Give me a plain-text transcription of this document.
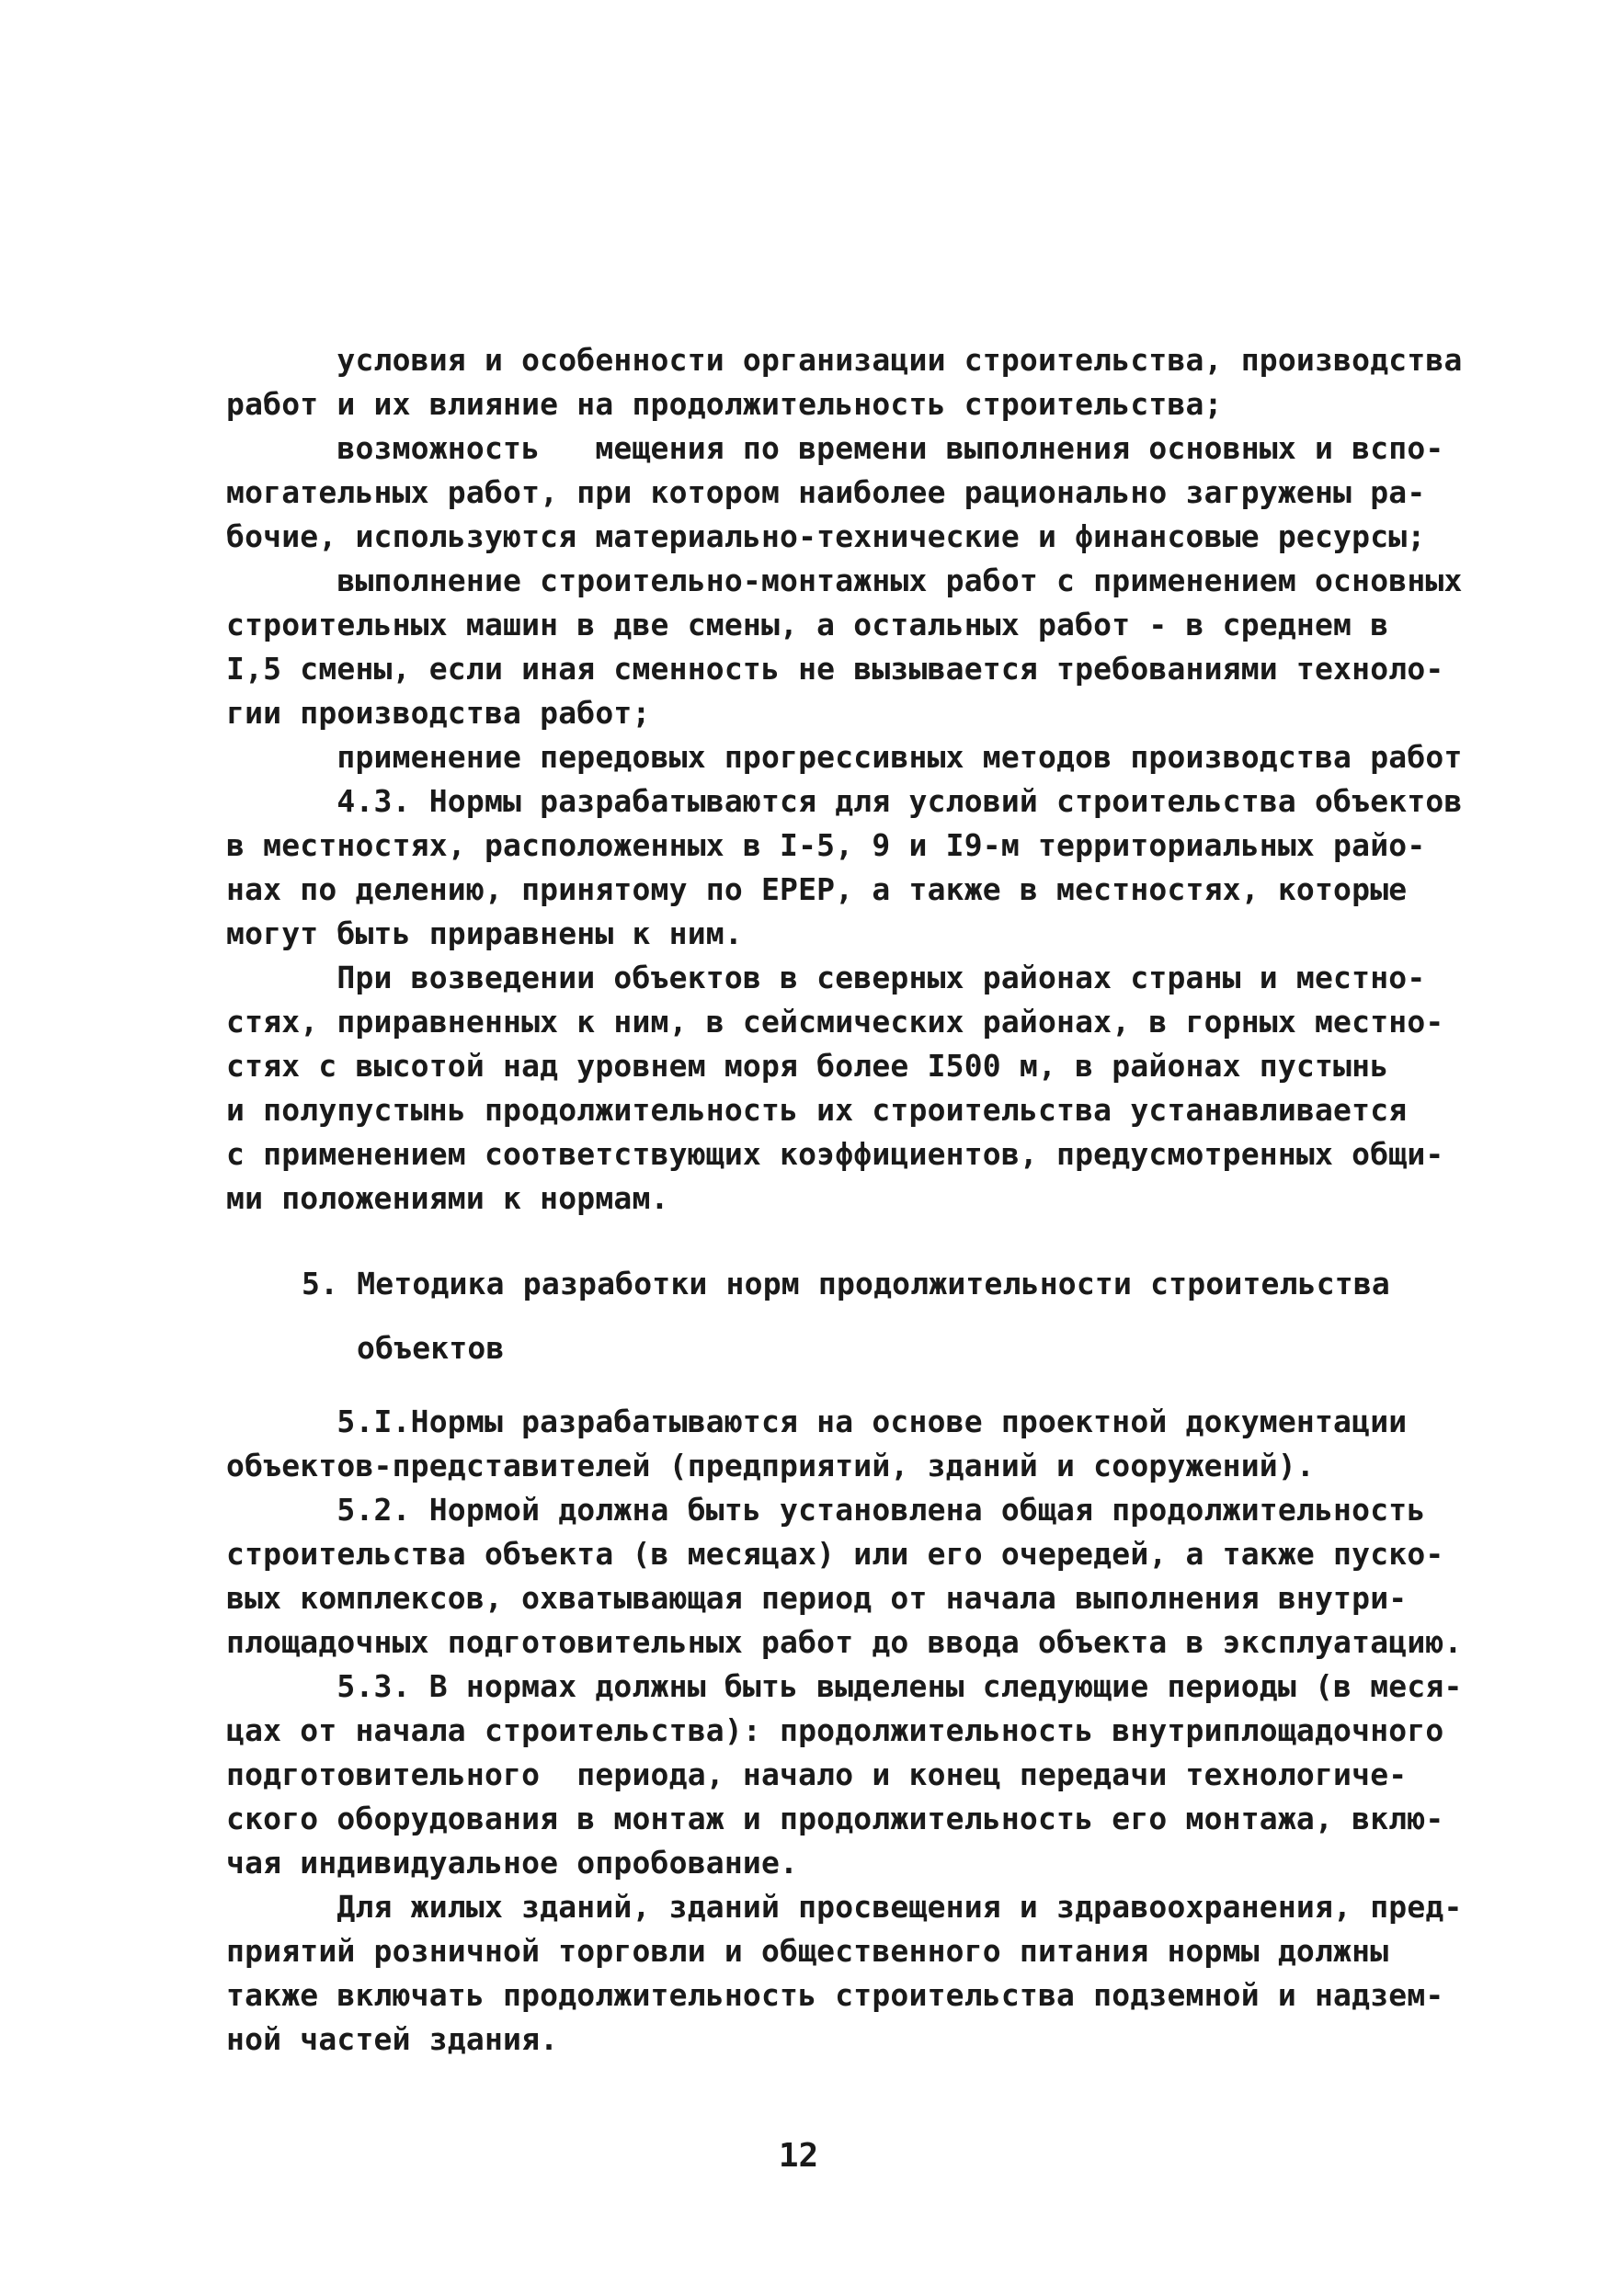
условия и особенности организации строительства, производства
работ и их влияние на продолжительность строительства;
возможность   мещения по времени выполнения основных и вспо-
могательных работ, при котором наиболее рационально загружены ра-
бочие, используются материально-технические и финансовые ресурсы;
выполнение строительно-монтажных работ с применением основных
строительных машин в две смены, а остальных работ - в среднем в
I,5 смены, если иная сменность не вызывается требованиями техноло-
гии производства работ;
применение передовых прогрессивных методов производства работ
4.3. Нормы разрабатываются для условий строительства объектов
в местностях, расположенных в I-5, 9 и I9-м территориальных райо-
нах по делению, принятому по ЕРЕР, а также в местностях, которые
могут быть приравнены к ним.
При возведении объектов в северных районах страны и местно-
стях, приравненных к ним, в сейсмических районах, в горных местно-
стях с высотой над уровнем моря более I500 м, в районах пустынь
и полупустынь продолжительность их строительства устанавливается
с применением соответствующих коэффициентов, предусмотренных общи-
ми положениями к нормам.
5. Методика разработки норм продолжительности строительства
объектов
5.I.Нормы разрабатываются на основе проектной документации
объектов-представителей (предприятий, зданий и сооружений).
5.2. Нормой должна быть установлена общая продолжительность
строительства объекта (в месяцах) или его очередей, а также пуско-
вых комплексов, охватывающая период от начала выполнения внутри-
площадочных подготовительных работ до ввода объекта в эксплуатацию.
5.3. В нормах должны быть выделены следующие периоды (в меся-
цах от начала строительства): продолжительность внутриплощадочного
подготовительного  периода, начало и конец передачи технологиче-
ского оборудования в монтаж и продолжительность его монтажа, вклю-
чая индивидуальное опробование.
Для жилых зданий, зданий просвещения и здравоохранения, пред-
приятий розничной торговли и общественного питания нормы должны
также включать продолжительность строительства подземной и надзем-
ной частей здания.
12
